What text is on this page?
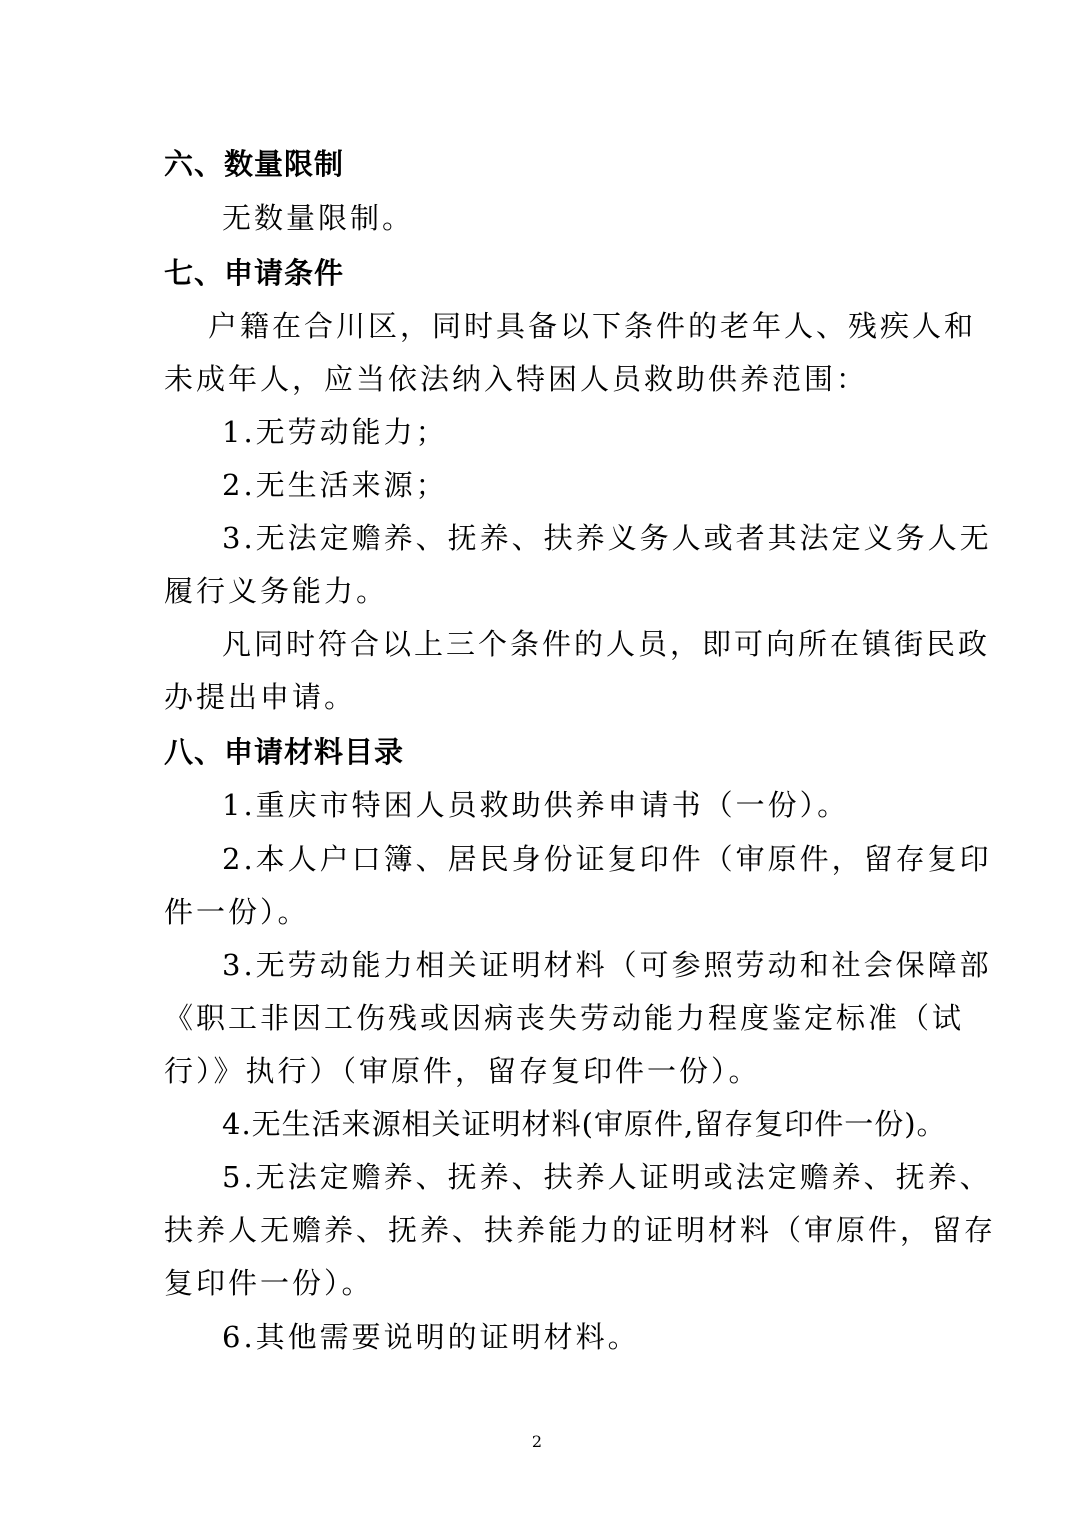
六、数量限制
无数量限制。
七、申请条件
户籍在合川区，同时具备以下条件的老年人、残疾人和
未成年人，应当依法纳入特困人员救助供养范围：
1.无劳动能力；
2.无生活来源；
3.无法定赡养、抚养、扶养义务人或者其法定义务人无
履行义务能力。
凡同时符合以上三个条件的人员，即可向所在镇街民政
办提出申请。
八、申请材料目录
1.重庆市特困人员救助供养申请书（一份）。
2.本人户口簿、居民身份证复印件（审原件，留存复印
件一份）。
3.无劳动能力相关证明材料（可参照劳动和社会保障部
《职工非因工伤残或因病丧失劳动能力程度鉴定标准（试
行）》执行）（审原件，留存复印件一份）。
4.无生活来源相关证明材料(审原件,留存复印件一份)。
5.无法定赡养、抚养、扶养人证明或法定赡养、抚养、
扶养人无赡养、抚养、扶养能力的证明材料（审原件，留存
复印件一份）。
6.其他需要说明的证明材料。
2
